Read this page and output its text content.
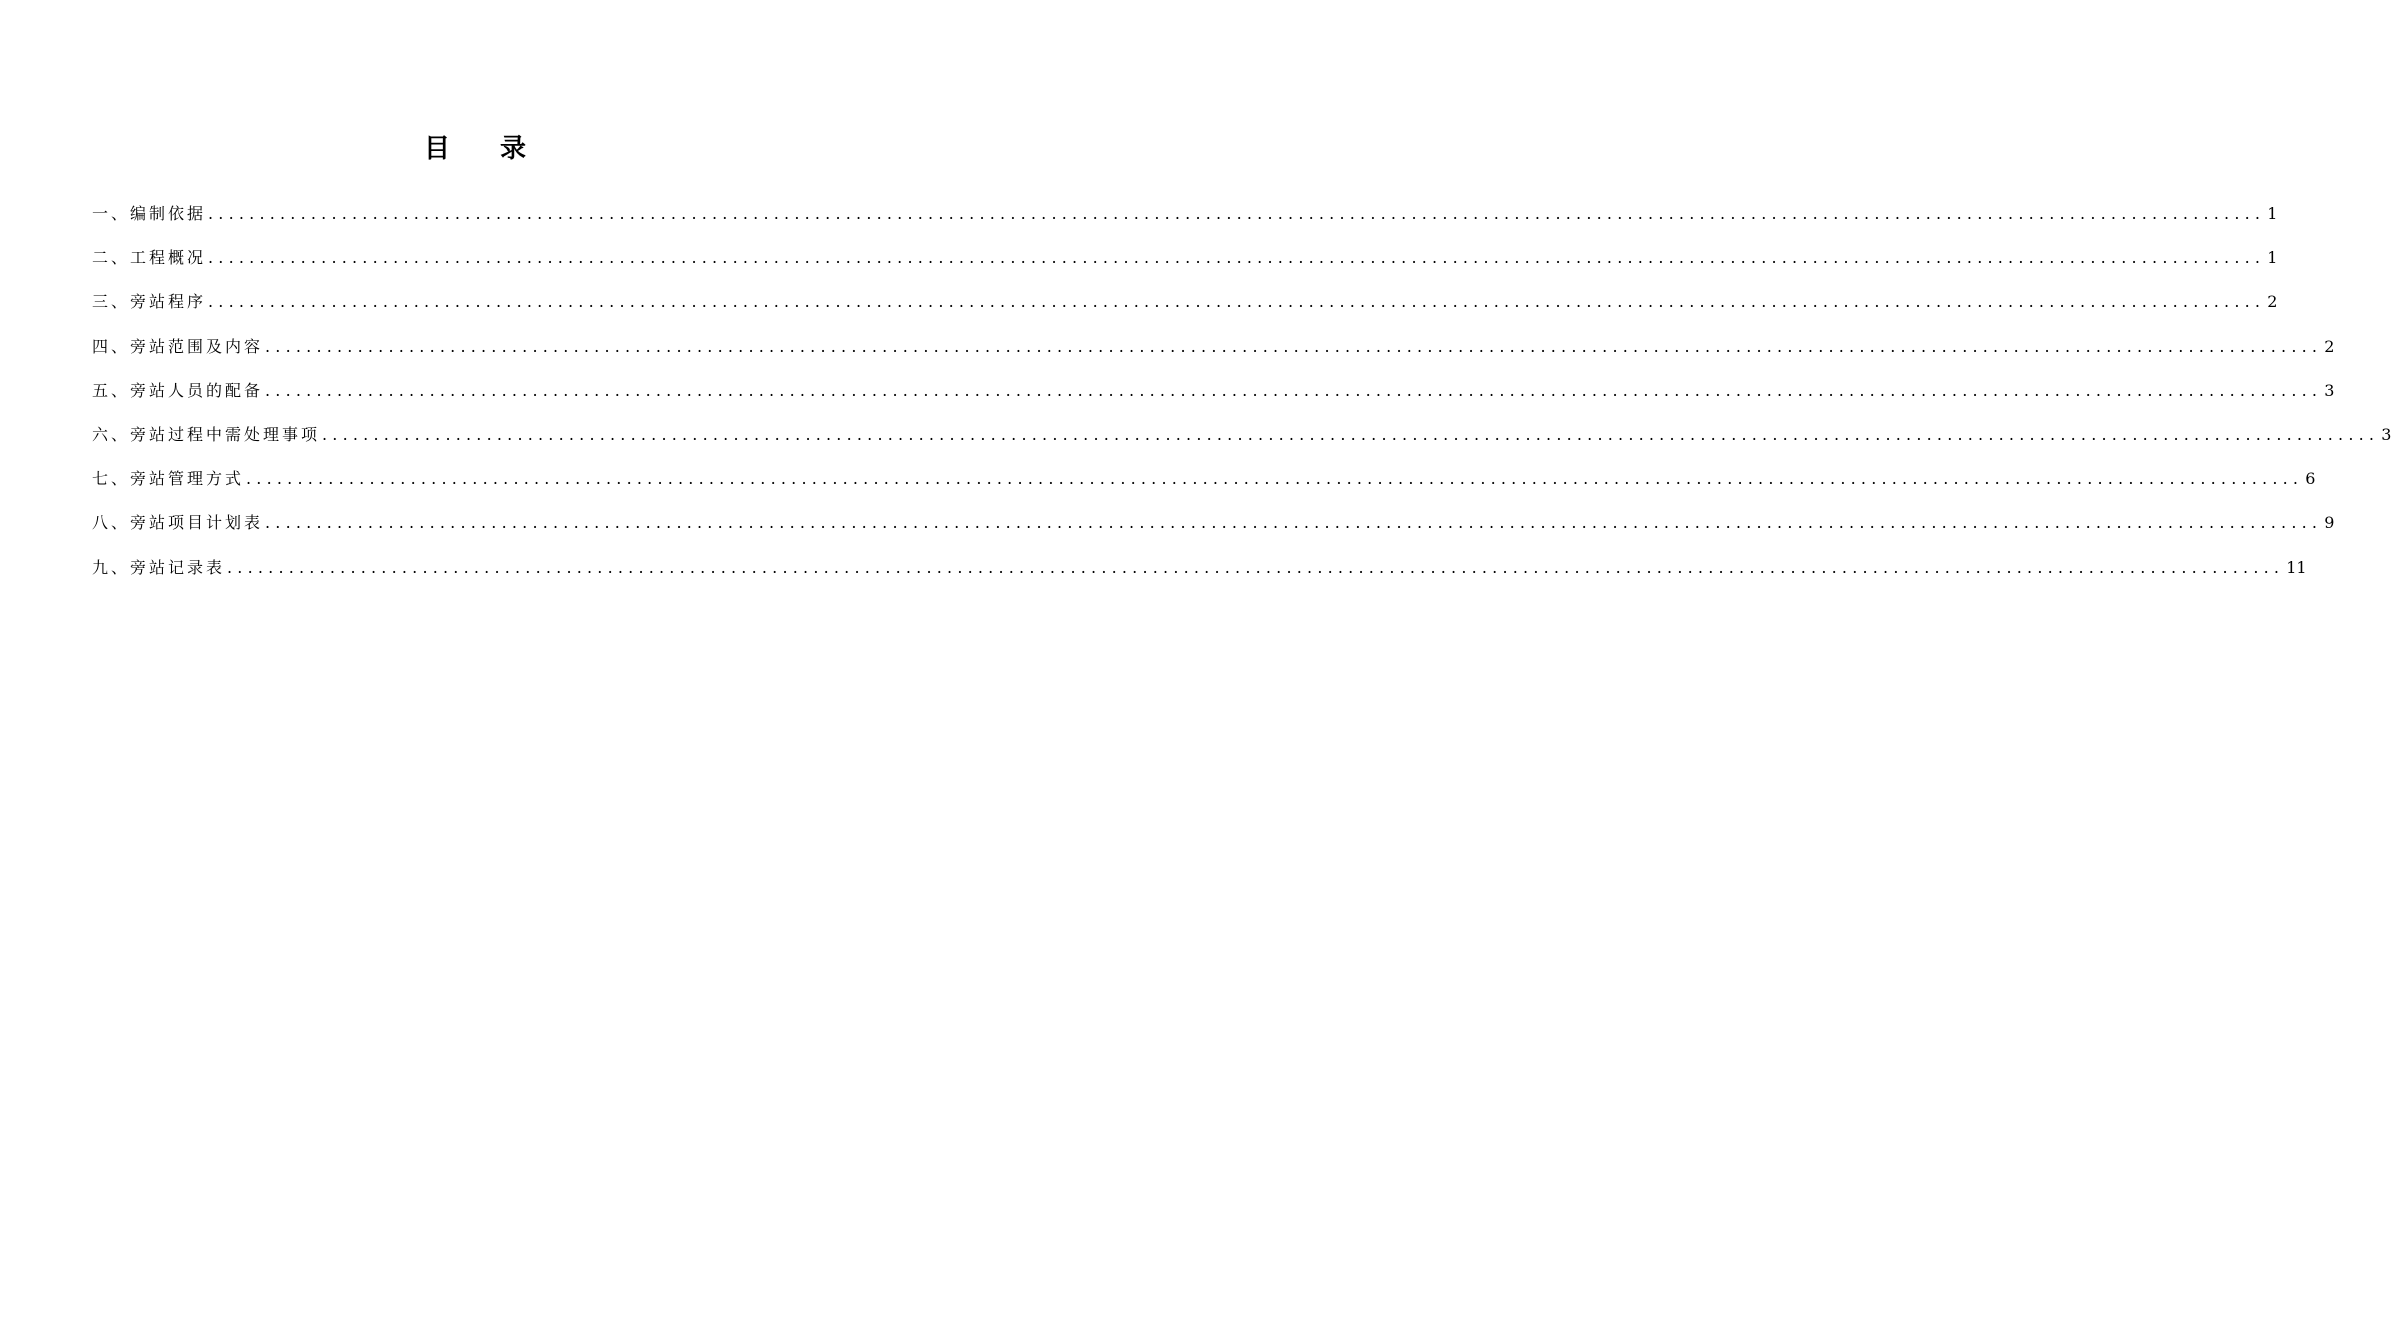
目 录
一、编制依据 ........................................................................................................................................................................................................ 1
二、工程概况 ........................................................................................................................................................................................................ 1
三、旁站程序 ........................................................................................................................................................................................................ 2
四、旁站范围及内容 ........................................................................................................................................................................................................ 2
五、旁站人员的配备 ........................................................................................................................................................................................................ 3
六、旁站过程中需处理事项 ........................................................................................................................................................................................................ 3
七、旁站管理方式 ........................................................................................................................................................................................................ 6
八、旁站项目计划表 ........................................................................................................................................................................................................ 9
九、旁站记录表 ........................................................................................................................................................................................................ 11
